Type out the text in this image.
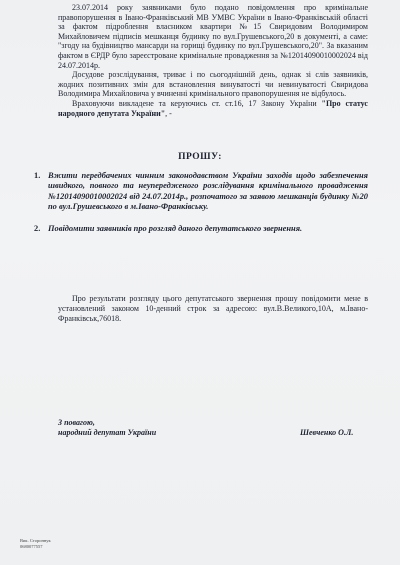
23.07.2014 року заявниками було подано повідомлення про кримінальне правопорушення в Івано-Франківський МВ УМВС України в Івано-Франківській області за фактом підроблення власником квартири №15 Свиридовим Володимиром Михайловичем підписів мешканця будинку по вул.Грушевського,20 в документі, а саме: "згоду на будівництво мансарди на горищі будинку по вул.Грушевського,20". За вказаним фактом в ЄРДР було зареєстроване кримінальне провадження за №12014090010002024 від 24.07.2014р.

Досудове розслідування, триває і по сьогоднішній день, однак зі слів заявників, жодних позитивних змін для встановлення винуватості чи невинуватості Свиридова Володимира Михайловича у вчиненні кримінального правопорушення не відбулось.

Враховуючи викладене та керуючись ст. ст.16, 17 Закону України "Про статус народного депутата України", -

ПРОШУ:
1. Вжити передбачених чинним законодавством України заходів щодо забезпечення швидкого, повного та неупередженого розслідування кримінального провадження №12014090010002024 від 24.07.2014р., розпочатого за заявою мешканців будинку №20 по вул.Грушевського в м.Івано-Франківську.
2. Повідомити заявників про розгляд даного депутатського звернення.

Про результати розгляду цього депутатського звернення прошу повідомити мене в установлений законом 10-денний строк за адресою: вул.В.Великого,10А, м.Івано-Франківськ,76018.

З повагою,
народний депутат України	Шевченко О.Л.
Вик. Стороннук
0680077557
